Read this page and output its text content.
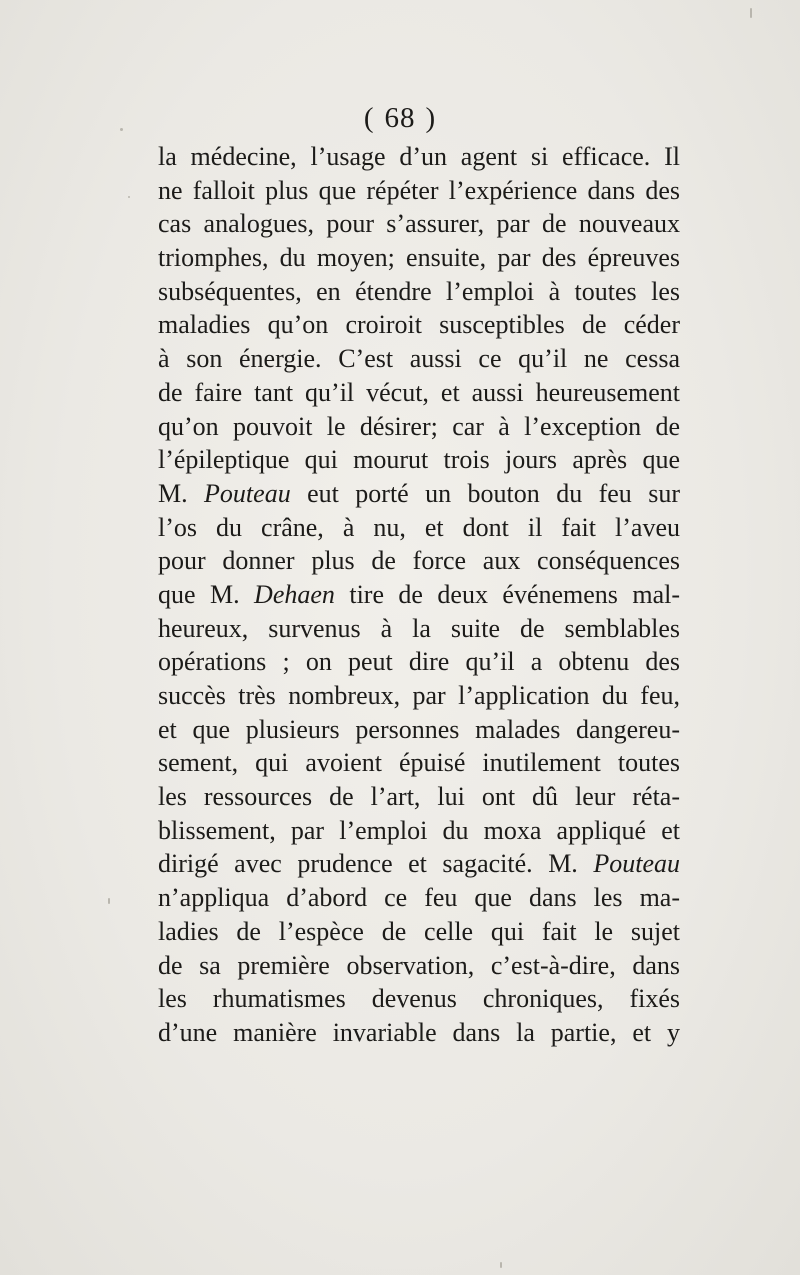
( 68 )
la médecine, l’usage d’un agent si efficace. Il
ne falloit plus que répéter l’expérience dans des
cas analogues, pour s’assurer, par de nouveaux
triomphes, du moyen; ensuite, par des épreuves
subséquentes, en étendre l’emploi à toutes les
maladies qu’on croiroit susceptibles de céder
à son énergie. C’est aussi ce qu’il ne cessa
de faire tant qu’il vécut, et aussi heureusement
qu’on pouvoit le désirer; car à l’exception de
l’épileptique qui mourut trois jours après que
M. Pouteau eut porté un bouton du feu sur
l’os du crâne, à nu, et dont il fait l’aveu
pour donner plus de force aux conséquences
que M. Dehaen tire de deux événemens mal-
heureux, survenus à la suite de semblables
opérations ; on peut dire qu’il a obtenu des
succès très nombreux, par l’application du feu,
et que plusieurs personnes malades dangereu-
sement, qui avoient épuisé inutilement toutes
les ressources de l’art, lui ont dû leur réta-
blissement, par l’emploi du moxa appliqué et
dirigé avec prudence et sagacité. M. Pouteau
n’appliqua d’abord ce feu que dans les ma-
ladies de l’espèce de celle qui fait le sujet
de sa première observation, c’est-à-dire, dans
les rhumatismes devenus chroniques, fixés
d’une manière invariable dans la partie, et y
